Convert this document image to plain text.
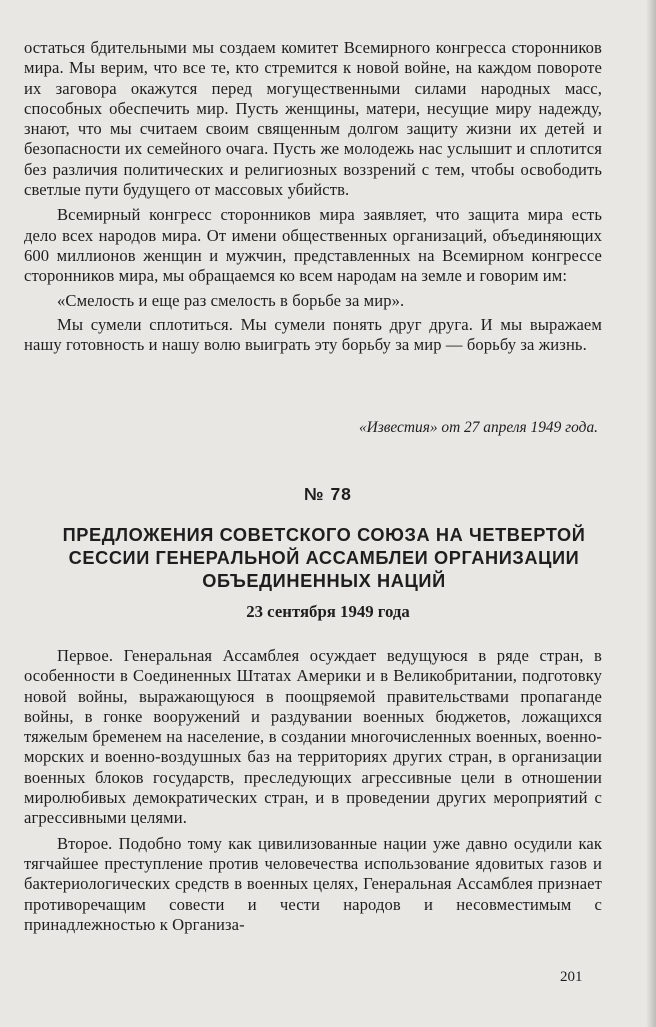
остаться бдительными мы создаем комитет Всемирного конгресса сторонников мира. Мы верим, что все те, кто стремится к новой войне, на каждом повороте их заговора окажутся перед могущественными силами народных масс, способных обеспечить мир. Пусть женщины, матери, несущие миру надежду, знают, что мы считаем своим священным долгом защиту жизни их детей и безопасности их семейного очага. Пусть же молодежь нас услышит и сплотится без различия политических и религиозных воззрений с тем, чтобы освободить светлые пути будущего от массовых убийств.

Всемирный конгресс сторонников мира заявляет, что защита мира есть дело всех народов мира. От имени общественных организаций, объединяющих 600 миллионов женщин и мужчин, представленных на Всемирном конгрессе сторонников мира, мы обращаемся ко всем народам на земле и говорим им:

«Смелость и еще раз смелость в борьбе за мир».

Мы сумели сплотиться. Мы сумели понять друг друга. И мы выражаем нашу готовность и нашу волю выиграть эту борьбу за мир — борьбу за жизнь.

«Известия» от 27 апреля 1949 года.
№ 78
ПРЕДЛОЖЕНИЯ СОВЕТСКОГО СОЮЗА НА ЧЕТВЕРТОЙ
СЕССИИ ГЕНЕРАЛЬНОЙ АССАМБЛЕИ ОРГАНИЗАЦИИ
ОБЪЕДИНЕННЫХ НАЦИЙ
23 сентября 1949 года

Первое. Генеральная Ассамблея осуждает ведущуюся в ряде стран, в особенности в Соединенных Штатах Америки и в Великобритании, подготовку новой войны, выражающуюся в поощряемой правительствами пропаганде войны, в гонке вооружений и раздувании военных бюджетов, ложащихся тяжелым бременем на население, в создании многочисленных военных, военно-морских и военно-воздушных баз на территориях других стран, в организации военных блоков государств, преследующих агрессивные цели в отношении миролюбивых демократических стран, и в проведении других мероприятий с агрессивными целями.

Второе. Подобно тому как цивилизованные нации уже давно осудили как тягчайшее преступление против человечества использование ядовитых газов и бактериологических средств в военных целях, Генеральная Ассамблея признает противоречащим совести и чести народов и несовместимым с принадлежностью к Организа-

201
